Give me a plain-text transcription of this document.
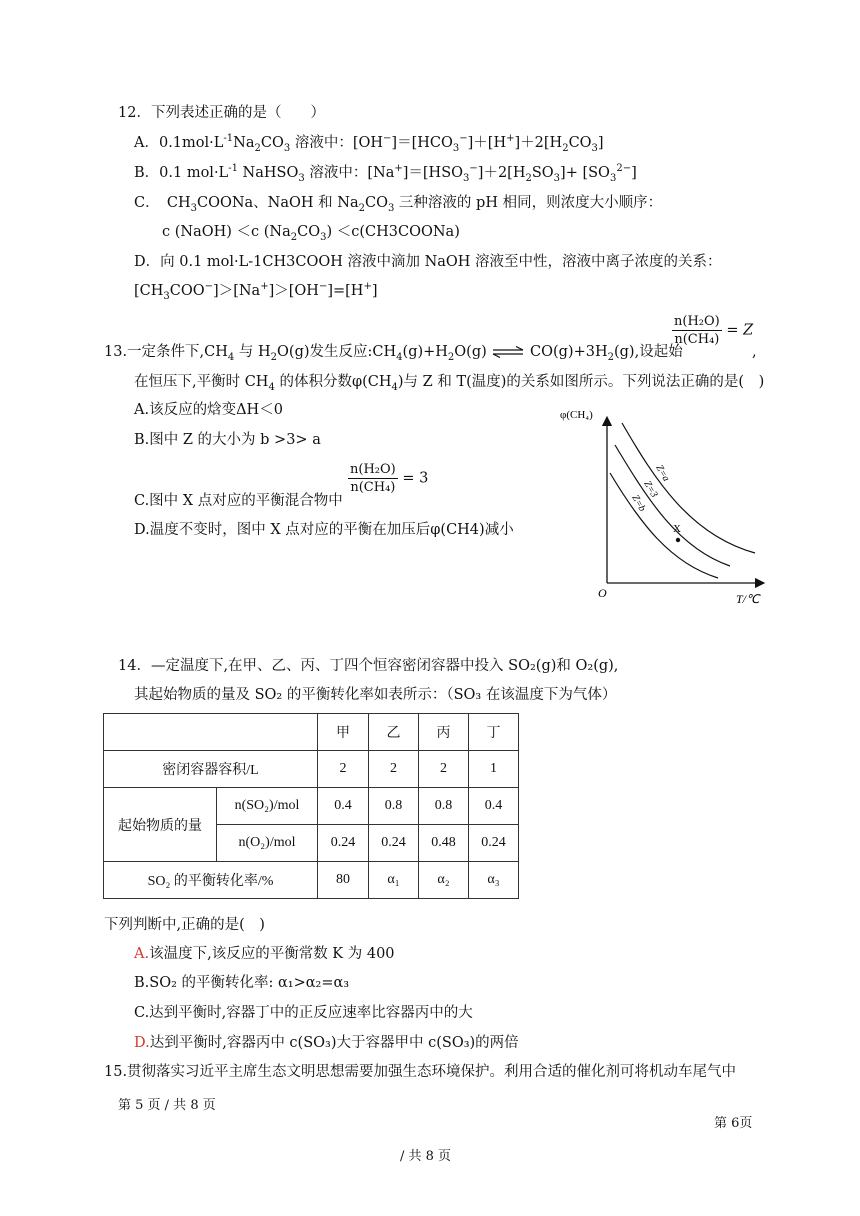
12．下列表述正确的是（　　）
A．$0.1mol\cdot L^{-1}Na_2CO_3$ 溶液中：$[OH^-]=[HCO_3^-]+[H^+]+2[H_2CO_3]$
B．0.1 $mol\cdot L^{-1}$ NaHSO$_3$ 溶液中：$[Na^+]=[HSO_3^-]+2[H_2SO_3]+ [SO_3^{2-}]$
C．　$CH_3COONa$、NaOH 和 $Na_2CO_3$ 三种溶液的 pH 相同，则浓度大小顺序：
c (NaOH) ＜c $(Na_2CO_3)$ ＜c(CH3COONa)
D．向 0.1 mol·L-1CH3COOH 溶液中滴加 NaOH 溶液至中性，溶液中离子浓度的关系：
$[CH_3COO^-]>[Na^+]>[OH^-]=[H^+]$
13.一定条件下$,CH_4$ 与 $H_2O(g)$发生反应$:CH_4(g)+H_2O(g)$ ⇌ $CO(g)+3H_2(g)$,设起始
$\frac{\text{n(H₂O)}}{\text{n(CH₄)}} = Z$
,
在恒压下,平衡时 $CH_4$ 的体积分数$\varphi(CH_4)$与 Z 和 T(温度)的关系如图所示。下列说法正确的是(　)
A.该反应的焓变ΔH＜0
B.图中 Z 的大小为 b >3> a
C.图中 X 点对应的平衡混合物中
$\frac{\text{n(H₂O)}}{\text{n(CH₄)}} = 3$
D.温度不变时，图中 X 点对应的平衡在加压后φ(CH4)减小
φ(CH₄)
T/℃
O
Z=a
Z=3
Z=b
X
14．—定温度下,在甲、乙、丙、丁四个恒容密闭容器中投入 SO₂(g)和 O₂(g),
其起始物质的量及 SO₂ 的平衡转化率如表所示：（SO₃ 在该温度下为气体）
		甲	乙	丙	丁
密闭容器容积/L		2	2	2	1
起始物质的量	n(SO₂)/mol	0.4	0.8	0.8	0.4
	n(O₂)/mol	0.24	0.24	0.48	0.24
SO₂ 的平衡转化率/%		80	α₁	α₂	α₃
下列判断中,正确的是(　)
A.该温度下,该反应的平衡常数 K 为 400
B.SO₂ 的平衡转化率: α₁>α₂=α₃
C.达到平衡时,容器丁中的正反应速率比容器丙中的大
D.达到平衡时,容器丙中 c(SO₃)大于容器甲中 c(SO₃)的两倍
15.贯彻落实习近平主席生态文明思想需要加强生态环境保护。利用合适的催化剂可将机动车尾气中
第 5 页 / 共 8 页
第 6页
/ 共 8 页
